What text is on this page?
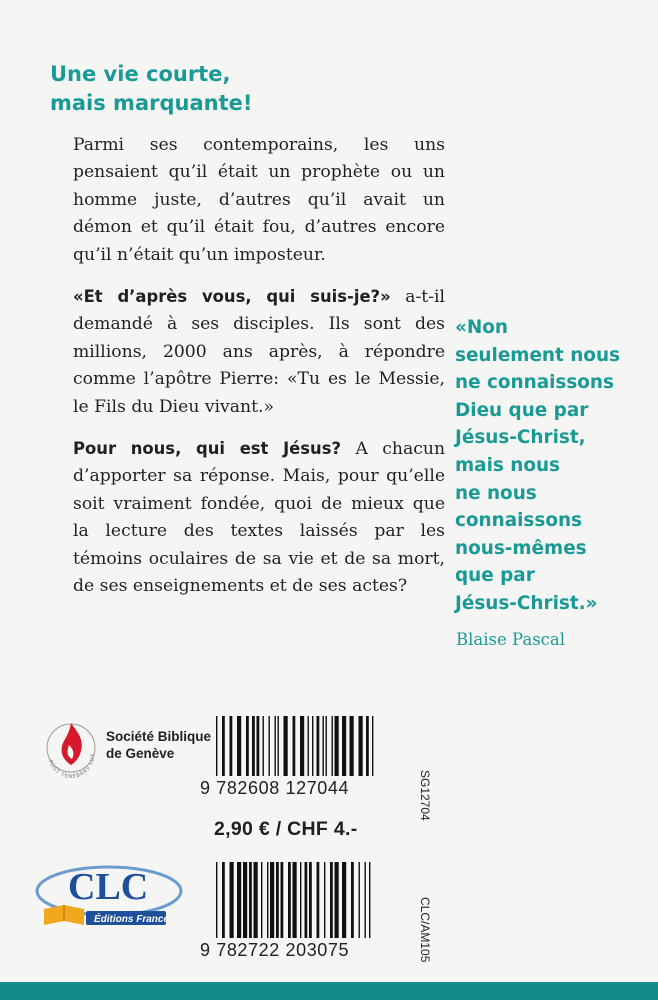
Une vie courte,
mais marquante!

Parmi ses contemporains, les uns pensaient qu’il était un prophète ou un homme juste, d’autres qu’il avait un démon et qu’il était fou, d’autres encore qu’il n’était qu’un imposteur.

«Et d’après vous, qui suis-je?» a-t-il demandé à ses disciples. Ils sont des millions, 2000 ans après, à répondre comme l’apôtre Pierre: «Tu es le Messie, le Fils du Dieu vivant.»

Pour nous, qui est Jésus? A chacun d’apporter sa réponse. Mais, pour qu’elle soit vraiment fondée, quoi de mieux que la lecture des textes laissés par les témoins oculaires de sa vie et de sa mort, de ses enseignements et de ses actes?

«Non
seulement nous
ne connaissons
Dieu que par
Jésus-Christ,
mais nous
ne nous
connaissons
nous-mêmes
que par
Jésus-Christ.»
Blaise Pascal
POST TENEBRAS LUX
Société Biblique
de Genève
9 782608 127044	SG12704
2,90 € / CHF 4.-
CLC
Éditions France
9 782722 203075	CLC/AM105
